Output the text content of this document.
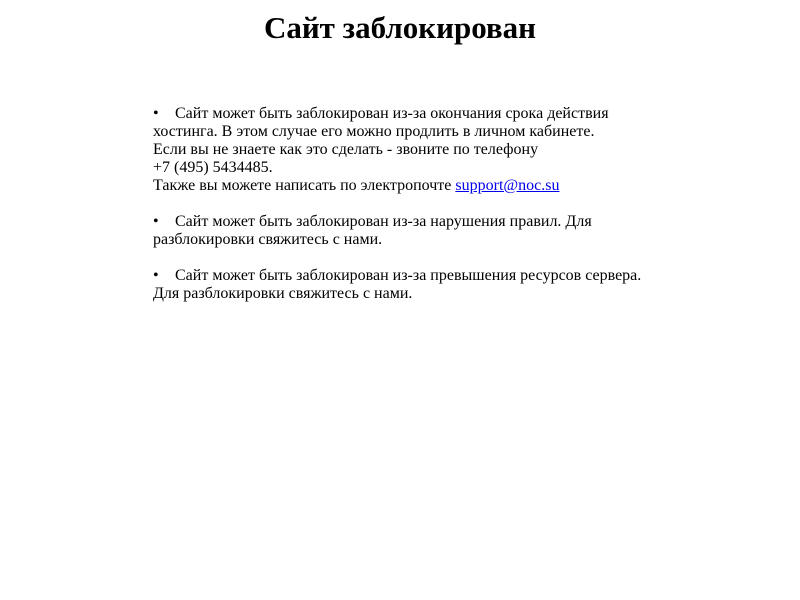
Сайт заблокирован
•Сайт может быть заблокирован из-за окончания срока действия
хостинга. В этом случае его можно продлить в личном кабинете.
Если вы не знаете как это сделать - звоните по телефону
+7 (495) 5434485.
Также вы можете написать по электропочте support@noc.su
•Сайт может быть заблокирован из-за нарушения правил. Для
разблокировки свяжитесь с нами.
•Сайт может быть заблокирован из-за превышения ресурсов сервера.
Для разблокировки свяжитесь с нами.
